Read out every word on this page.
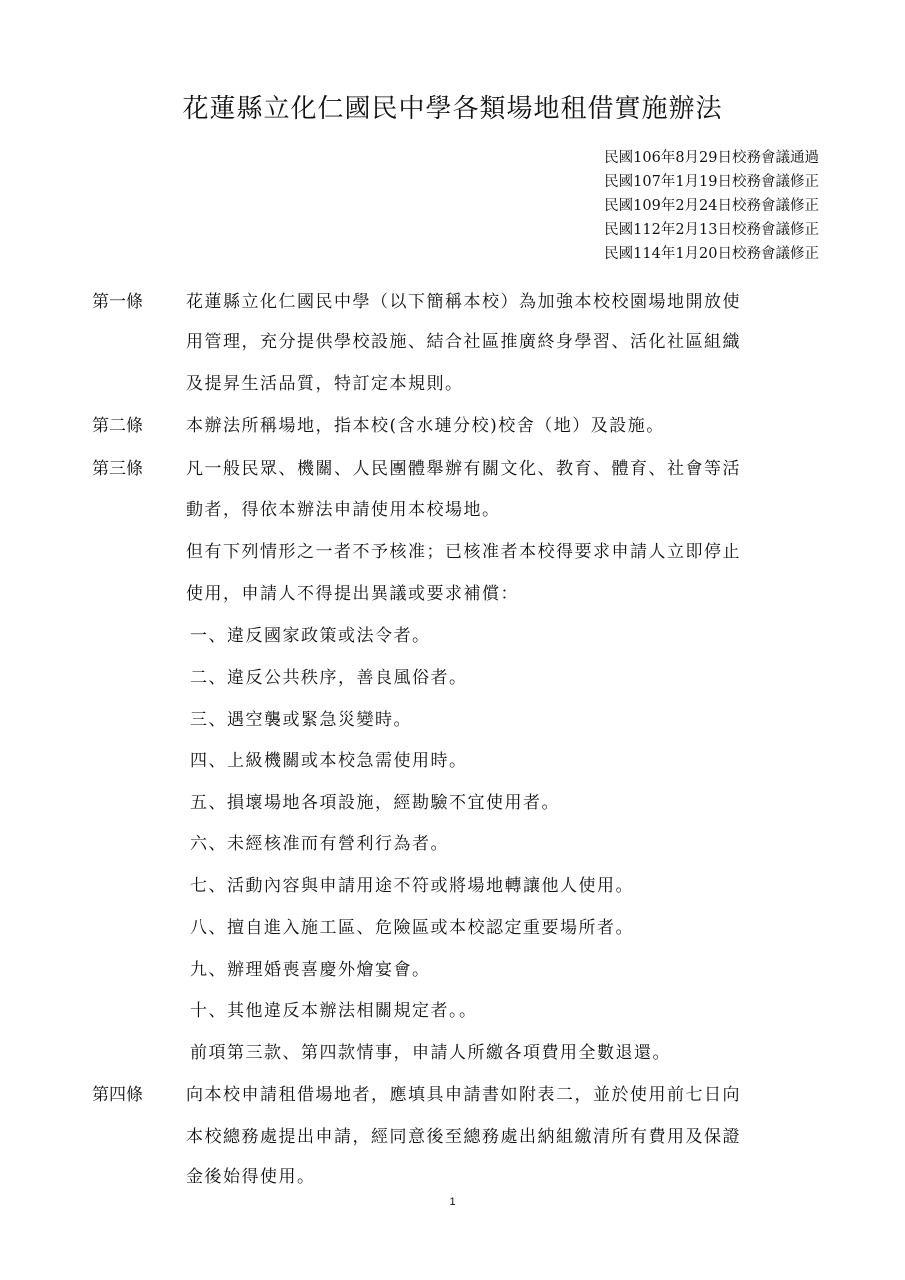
花蓮縣立化仁國民中學各類場地租借實施辦法
民國106年8月29日校務會議通過
民國107年1月19日校務會議修正
民國109年2月24日校務會議修正
民國112年2月13日校務會議修正
民國114年1月20日校務會議修正
第一條	花蓮縣立化仁國民中學（以下簡稱本校）為加強本校校園場地開放使
用管理，充分提供學校設施、結合社區推廣終身學習、活化社區組織
及提昇生活品質，特訂定本規則。
第二條	本辦法所稱場地，指本校(含水璉分校)校舍（地）及設施。
第三條	凡一般民眾、機關、人民團體舉辦有關文化、教育、體育、社會等活
動者，得依本辦法申請使用本校場地。
但有下列情形之一者不予核准；已核准者本校得要求申請人立即停止
使用，申請人不得提出異議或要求補償：
一、違反國家政策或法令者。
二、違反公共秩序，善良風俗者。
三、遇空襲或緊急災變時。
四、上級機關或本校急需使用時。
五、損壞場地各項設施，經勘驗不宜使用者。
六、未經核准而有營利行為者。
七、活動內容與申請用途不符或將場地轉讓他人使用。
八、擅自進入施工區、危險區或本校認定重要場所者。
九、辦理婚喪喜慶外燴宴會。
十、其他違反本辦法相關規定者。。
前項第三款、第四款情事，申請人所繳各項費用全數退還。
第四條	向本校申請租借場地者，應填具申請書如附表二，並於使用前七日向
本校總務處提出申請，經同意後至總務處出納組繳清所有費用及保證
金後始得使用。
1
